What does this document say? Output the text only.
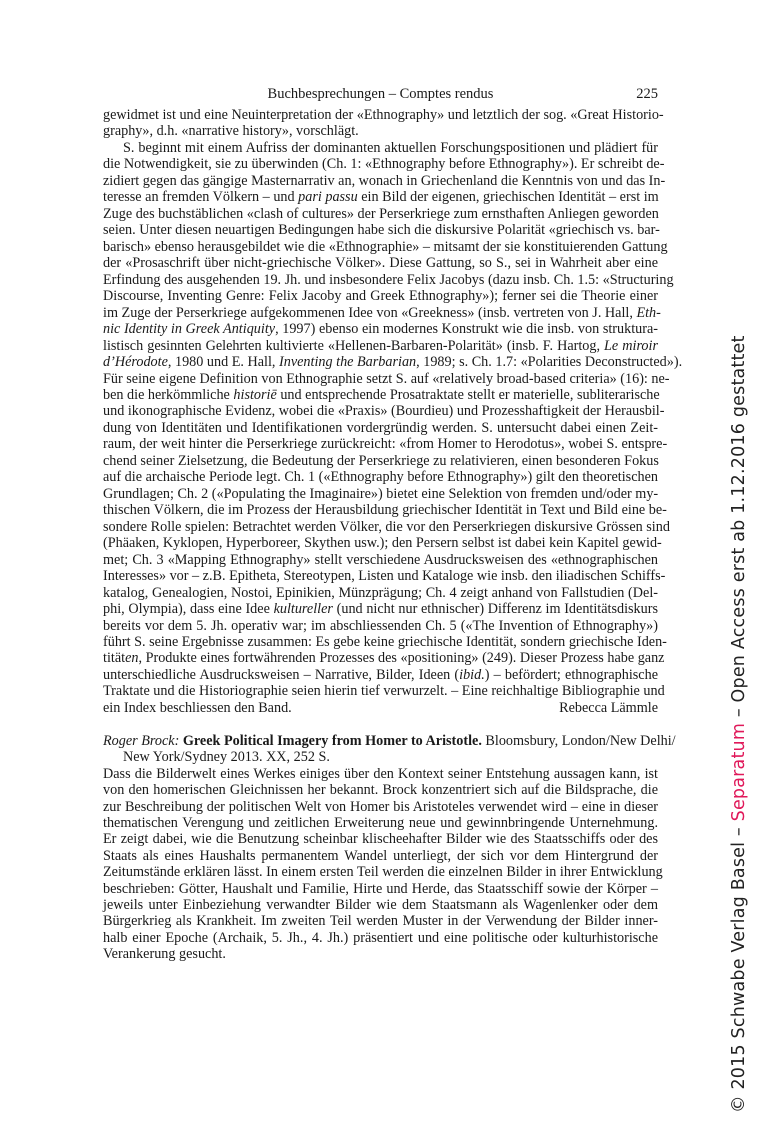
Buchbesprechungen – Comptes rendus	225
gewidmet ist und eine Neuinterpretation der «Ethnography» und letztlich der sog. «Great Historio-
graphy», d.h. «narrative history», vorschlägt.
S. beginnt mit einem Aufriss der dominanten aktuellen Forschungspositionen und plädiert für
die Notwendigkeit, sie zu überwinden (Ch. 1: «Ethnography before Ethnography»). Er schreibt de-
zidiert gegen das gängige Masternarrativ an, wonach in Griechenland die Kenntnis von und das In-
teresse an fremden Völkern – und pari passu ein Bild der eigenen, griechischen Identität – erst im
Zuge des buchstäblichen «clash of cultures» der Perserkriege zum ernsthaften Anliegen geworden
seien. Unter diesen neuartigen Bedingungen habe sich die diskursive Polarität «griechisch vs. bar-
barisch» ebenso herausgebildet wie die «Ethnographie» – mitsamt der sie konstituierenden Gattung
der «Prosaschrift über nicht-griechische Völker». Diese Gattung, so S., sei in Wahrheit aber eine
Erfindung des ausgehenden 19. Jh. und insbesondere Felix Jacobys (dazu insb. Ch. 1.5: «Structuring
Discourse, Inventing Genre: Felix Jacoby and Greek Ethnography»); ferner sei die Theorie einer
im Zuge der Perserkriege aufgekommenen Idee von «Greekness» (insb. vertreten von J. Hall, Eth-
nic Identity in Greek Antiquity, 1997) ebenso ein modernes Konstrukt wie die insb. von struktura-
listisch gesinnten Gelehrten kultivierte «Hellenen-Barbaren-Polarität» (insb. F. Hartog, Le miroir
d’Hérodote, 1980 und E. Hall, Inventing the Barbarian, 1989; s. Ch. 1.7: «Polarities Deconstructed»).
Für seine eigene Definition von Ethnographie setzt S. auf «relatively broad-based criteria» (16): ne-
ben die herkömmliche historiē und entsprechende Prosatraktate stellt er materielle, subliterarische
und ikonographische Evidenz, wobei die «Praxis» (Bourdieu) und Prozesshaftigkeit der Herausbil-
dung von Identitäten und Identifikationen vordergründig werden. S. untersucht dabei einen Zeit-
raum, der weit hinter die Perserkriege zurückreicht: «from Homer to Herodotus», wobei S. entspre-
chend seiner Zielsetzung, die Bedeutung der Perserkriege zu relativieren, einen besonderen Fokus
auf die archaische Periode legt. Ch. 1 («Ethnography before Ethnography») gilt den theoretischen
Grundlagen; Ch. 2 («Populating the Imaginaire») bietet eine Selektion von fremden und/oder my-
thischen Völkern, die im Prozess der Herausbildung griechischer Identität in Text und Bild eine be-
sondere Rolle spielen: Betrachtet werden Völker, die vor den Perserkriegen diskursive Grössen sind
(Phäaken, Kyklopen, Hyperboreer, Skythen usw.); den Persern selbst ist dabei kein Kapitel gewid-
met; Ch. 3 «Mapping Ethnography» stellt verschiedene Ausdrucksweisen des «ethnographischen
Interesses» vor – z.B. Epitheta, Stereotypen, Listen und Kataloge wie insb. den iliadischen Schiffs-
katalog, Genealogien, Nostoi, Epinikien, Münzprägung; Ch. 4 zeigt anhand von Fallstudien (Del-
phi, Olympia), dass eine Idee kultureller (und nicht nur ethnischer) Differenz im Identitätsdiskurs
bereits vor dem 5. Jh. operativ war; im abschliessenden Ch. 5 («The Invention of Ethnography»)
führt S. seine Ergebnisse zusammen: Es gebe keine griechische Identität, sondern griechische Iden-
titäten, Produkte eines fortwährenden Prozesses des «positioning» (249). Dieser Prozess habe ganz
unterschiedliche Ausdrucksweisen – Narrative, Bilder, Ideen (ibid.) – befördert; ethnographische
Traktate und die Historiographie seien hierin tief verwurzelt. – Eine reichhaltige Bibliographie und
ein Index beschliessen den Band.	Rebecca Lämmle
Roger Brock: Greek Political Imagery from Homer to Aristotle. Bloomsbury, London/New Delhi/
New York/Sydney 2013. XX, 252 S.
Dass die Bilderwelt eines Werkes einiges über den Kontext seiner Entstehung aussagen kann, ist
von den homerischen Gleichnissen her bekannt. Brock konzentriert sich auf die Bildsprache, die
zur Beschreibung der politischen Welt von Homer bis Aristoteles verwendet wird – eine in dieser
thematischen Verengung und zeitlichen Erweiterung neue und gewinnbringende Unternehmung.
Er zeigt dabei, wie die Benutzung scheinbar klischeehafter Bilder wie des Staatsschiffs oder des
Staats als eines Haushalts permanentem Wandel unterliegt, der sich vor dem Hintergrund der
Zeitumstände erklären lässt. In einem ersten Teil werden die einzelnen Bilder in ihrer Entwicklung
beschrieben: Götter, Haushalt und Familie, Hirte und Herde, das Staatsschiff sowie der Körper –
jeweils unter Einbeziehung verwandter Bilder wie dem Staatsmann als Wagenlenker oder dem
Bürgerkrieg als Krankheit. Im zweiten Teil werden Muster in der Verwendung der Bilder inner-
halb einer Epoche (Archaik, 5. Jh., 4. Jh.) präsentiert und eine politische oder kulturhistorische
Verankerung gesucht.	© 2015 Schwabe Verlag Basel – Separatum – Open Access erst ab 1.12.2016 gestattet
